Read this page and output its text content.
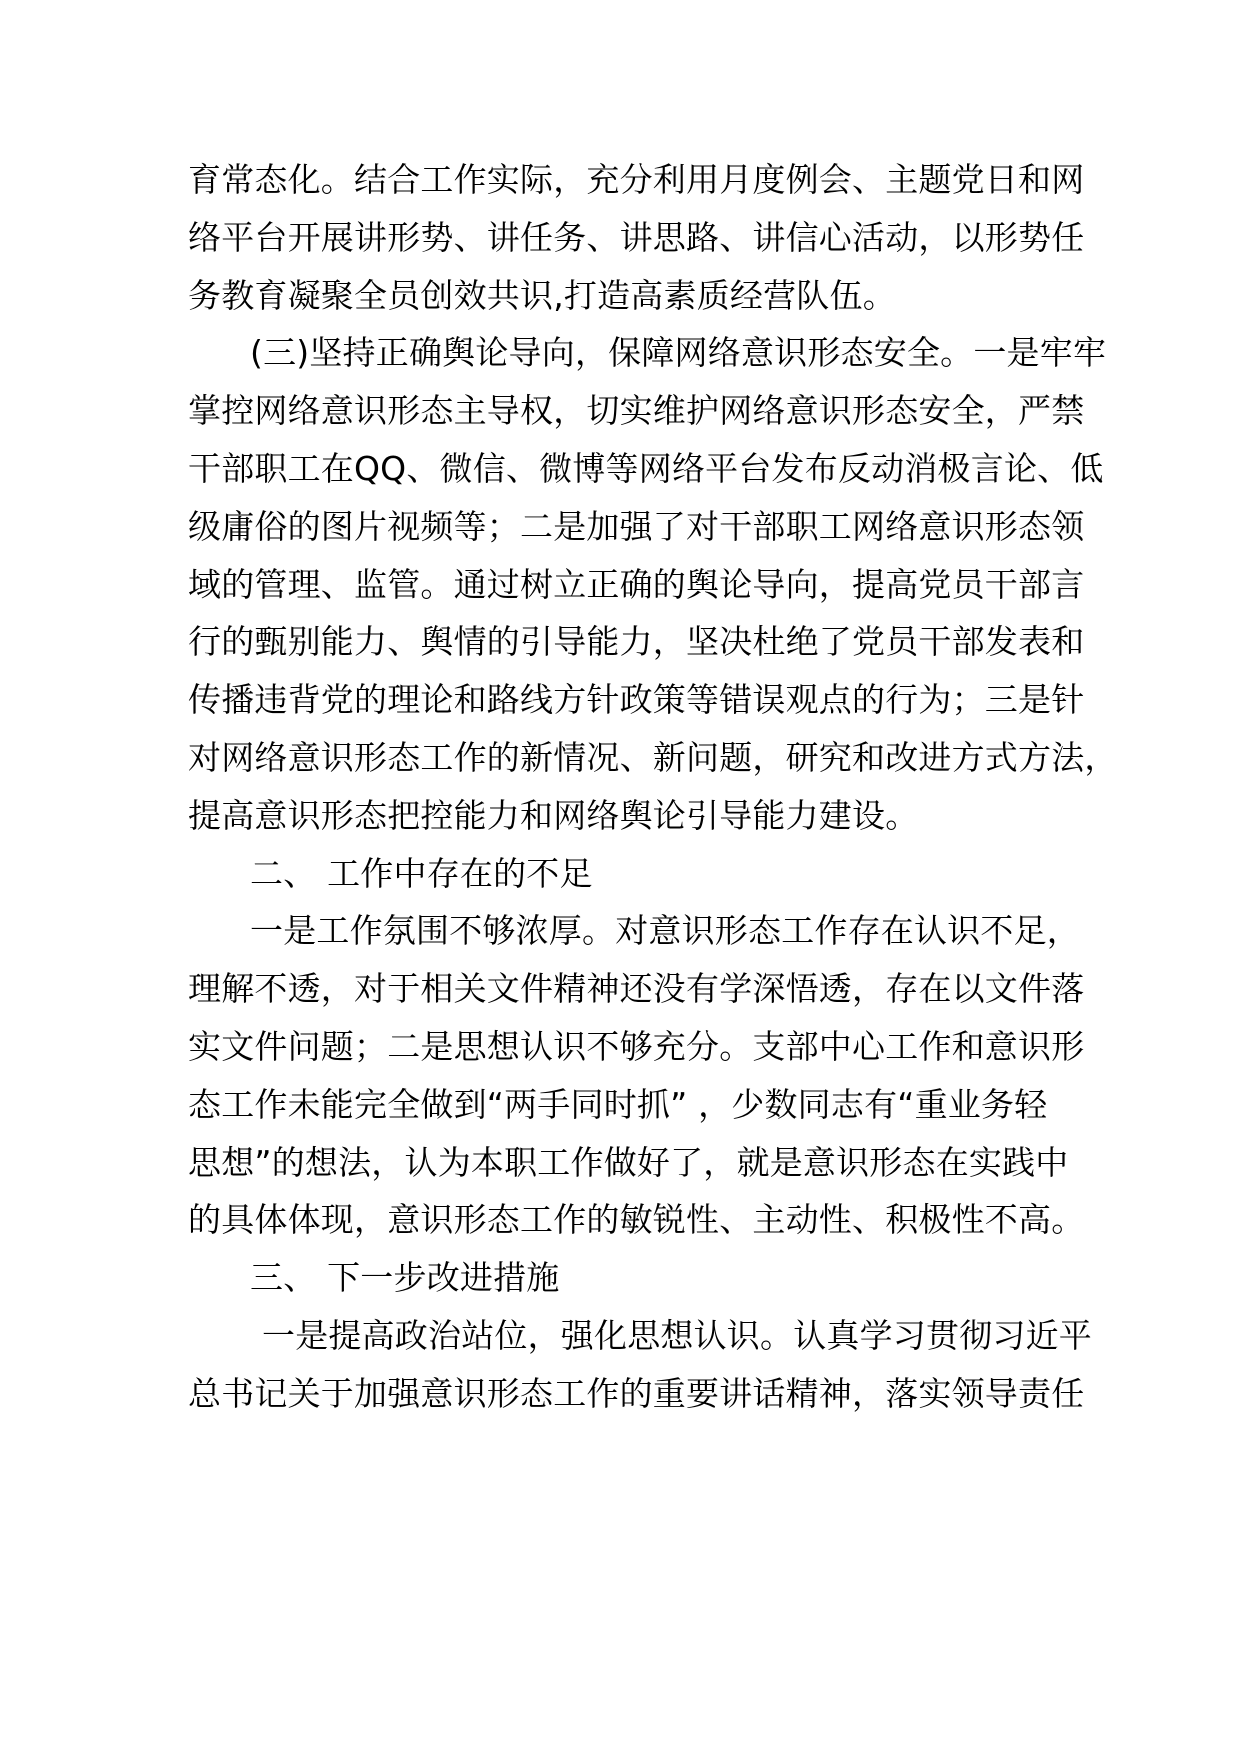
育常态化。结合工作实际，充分利用月度例会、主题党日和网
络平台开展讲形势、讲任务、讲思路、讲信心活动，以形势任
务教育凝聚全员创效共识,打造高素质经营队伍。
(三)坚持正确舆论导向，保障网络意识形态安全。一是牢牢
掌控网络意识形态主导权，切实维护网络意识形态安全，严禁
干部职工在QQ、微信、微博等网络平台发布反动消极言论、低
级庸俗的图片视频等；二是加强了对干部职工网络意识形态领
域的管理、监管。通过树立正确的舆论导向，提高党员干部言
行的甄别能力、舆情的引导能力，坚决杜绝了党员干部发表和
传播违背党的理论和路线方针政策等错误观点的行为；三是针
对网络意识形态工作的新情况、新问题，研究和改进方式方法，
提高意识形态把控能力和网络舆论引导能力建设。
二、 工作中存在的不足
一是工作氛围不够浓厚。对意识形态工作存在认识不足，
理解不透，对于相关文件精神还没有学深悟透，存在以文件落
实文件问题；二是思想认识不够充分。支部中心工作和意识形
态工作未能完全做到“两手同时抓” ，少数同志有“重业务轻
思想”的想法，认为本职工作做好了，就是意识形态在实践中
的具体体现，意识形态工作的敏锐性、主动性、积极性不高。
三、 下一步改进措施
一是提高政治站位，强化思想认识。认真学习贯彻习近平
总书记关于加强意识形态工作的重要讲话精神，落实领导责任
